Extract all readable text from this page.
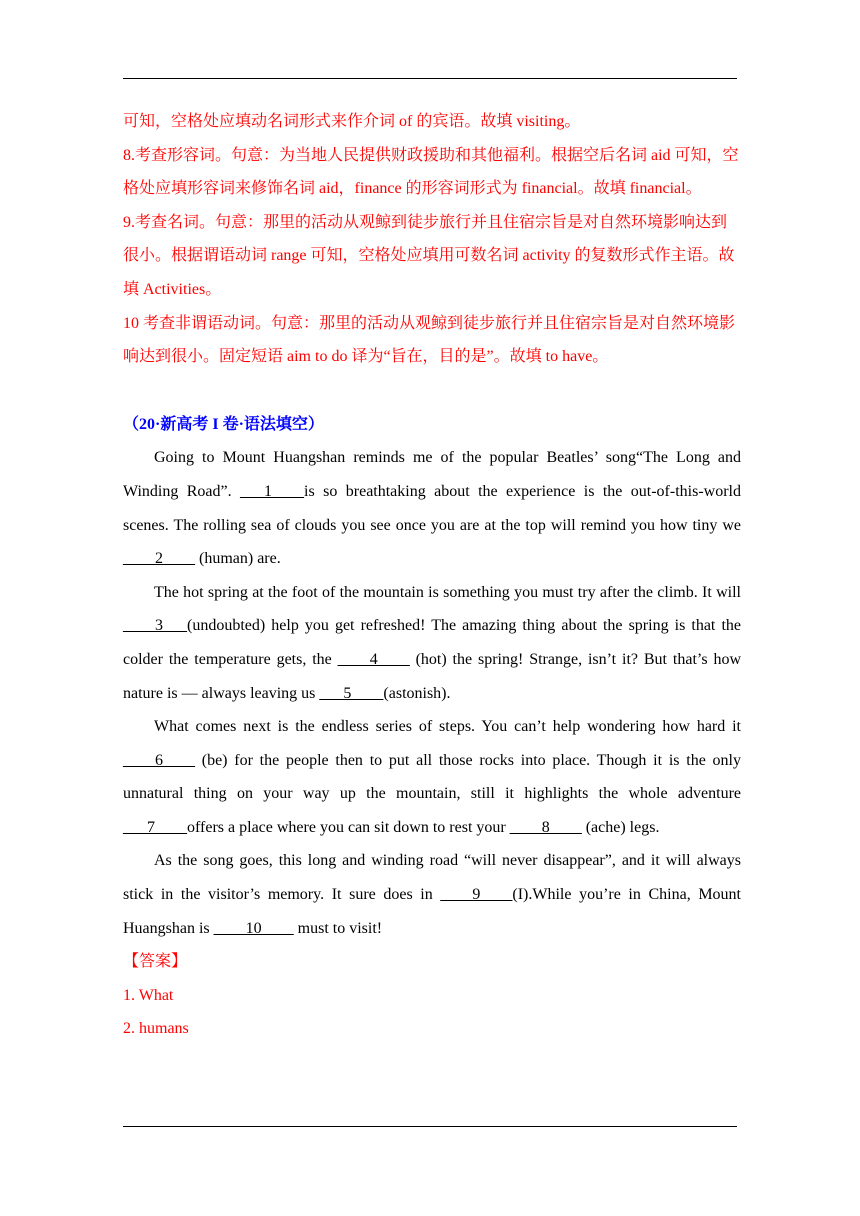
可知，空格处应填动名词形式来作介词 of 的宾语。故填 visiting。

8.考查形容词。句意：为当地人民提供财政援助和其他福利。根据空后名词 aid 可知，空格处应填形容词来修饰名词 aid，finance 的形容词形式为 financial。故填 financial。

9.考查名词。句意：那里的活动从观鲸到徒步旅行并且住宿宗旨是对自然环境影响达到很小。根据谓语动词 range 可知，空格处应填用可数名词 activity 的复数形式作主语。故填 Activities。

10 考查非谓语动词。句意：那里的活动从观鲸到徒步旅行并且住宿宗旨是对自然环境影响达到很小。固定短语 aim to do 译为“旨在，目的是”。故填 to have。

（20·新高考 I 卷·语法填空）

Going to Mount Huangshan reminds me of the popular Beatles’ song“The Long and Winding Road”. ___1____is so breathtaking about the experience is the out-of-this-world scenes. The rolling sea of clouds you see once you are at the top will remind you how tiny we ____2____ (human) are.

The hot spring at the foot of the mountain is something you must try after the climb. It will ____3___(undoubted) help you get refreshed! The amazing thing about the spring is that the colder the temperature gets, the ____4____ (hot) the spring! Strange, isn’t it? But that’s how nature is — always leaving us ___5____(astonish).

What comes next is the endless series of steps. You can’t help wondering how hard it ____6____ (be) for the people then to put all those rocks into place. Though it is the only unnatural thing on your way up the mountain, still it highlights the whole adventure ___7____offers a place where you can sit down to rest your ____8____ (ache) legs.

As the song goes, this long and winding road “will never disappear”, and it will always stick in the visitor’s memory. It sure does in ____9____(I).While you’re in China, Mount Huangshan is ____10____ must to visit!

【答案】

1. What

2. humans
